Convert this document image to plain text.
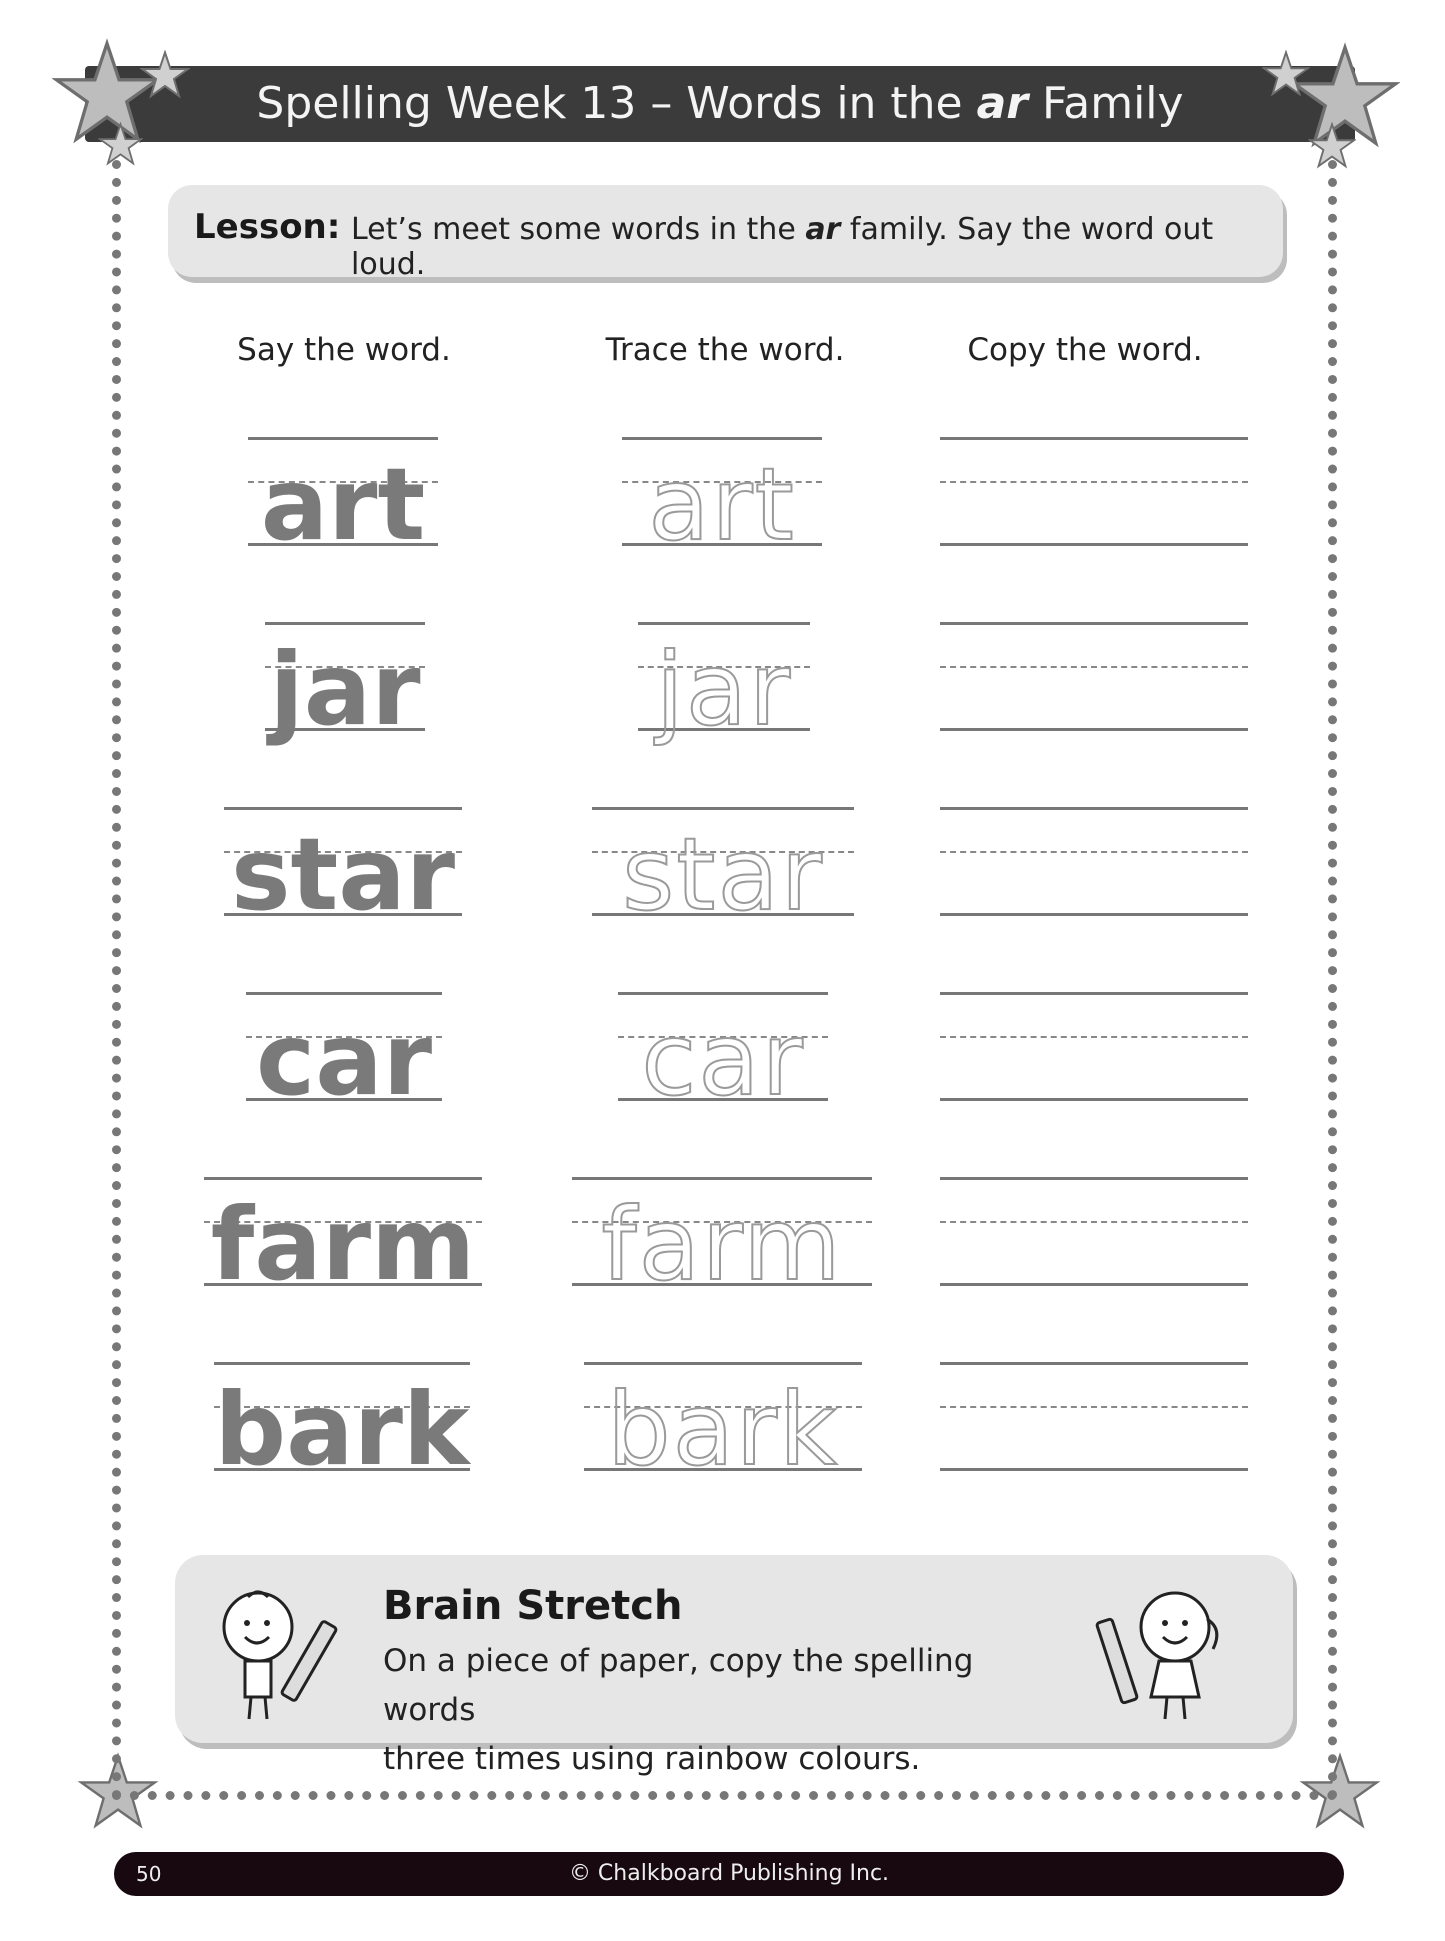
Spelling Week 13 – Words in the ar Family
Lesson: Let’s meet some words in the ar family. Say the word out loud.
Say the word.	Trace the word.	Copy the word.
art art
jar jar
star	star
car car
farm farm
bark bark
Brain Stretch
On a piece of paper, copy the spelling words
three times using rainbow colours.
50	© Chalkboard Publishing Inc.
